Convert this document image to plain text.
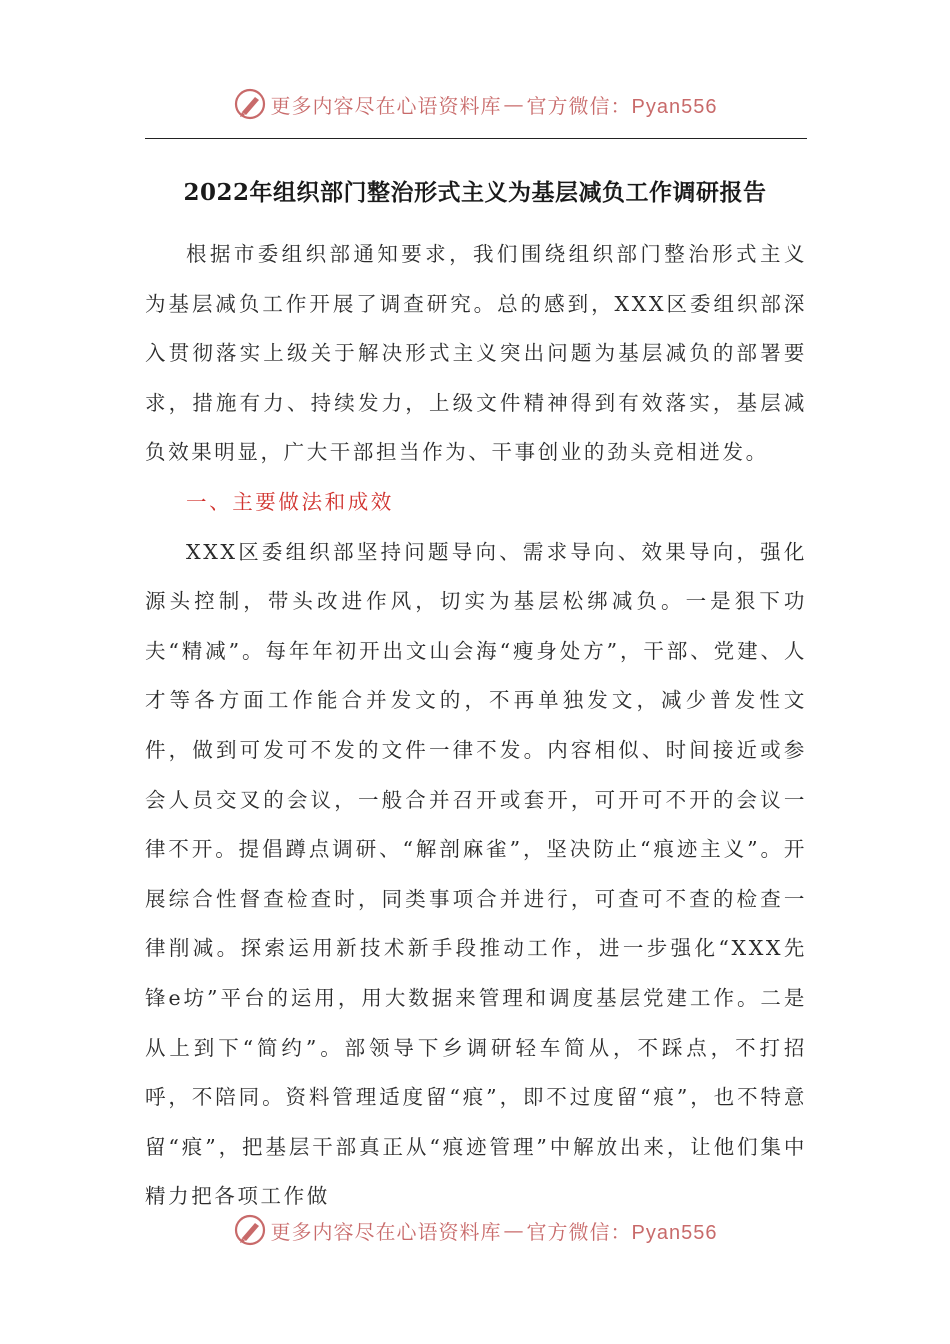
更多内容尽在心语资料库 — 官方微信：Pyan556
2022年组织部门整治形式主义为基层减负工作调研报告

根据市委组织部通知要求，我们围绕组织部门整治形式主义为基层减负工作开展了调查研究。总的感到，XXX区委组织部深入贯彻落实上级关于解决形式主义突出问题为基层减负的部署要求，措施有力、持续发力，上级文件精神得到有效落实，基层减负效果明显，广大干部担当作为、干事创业的劲头竞相迸发。

一、主要做法和成效

XXX区委组织部坚持问题导向、需求导向、效果导向，强化源头控制，带头改进作风，切实为基层松绑减负。一是狠下功夫“精减”。每年年初开出文山会海“瘦身处方”，干部、党建、人才等各方面工作能合并发文的，不再单独发文，减少普发性文件，做到可发可不发的文件一律不发。内容相似、时间接近或参会人员交叉的会议，一般合并召开或套开，可开可不开的会议一律不开。提倡蹲点调研、“解剖麻雀”，坚决防止“痕迹主义”。开展综合性督查检查时，同类事项合并进行，可查可不查的检查一律削减。探索运用新技术新手段推动工作，进一步强化“XXX先锋e坊”平台的运用，用大数据来管理和调度基层党建工作。二是从上到下“简约”。部领导下乡调研轻车简从，不踩点，不打招呼，不陪同。资料管理适度留“痕”，即不过度留“痕”，也不特意留“痕”，把基层干部真正从“痕迹管理”中解放出来，让他们集中精力把各项工作做

更多内容尽在心语资料库 — 官方微信：Pyan556
